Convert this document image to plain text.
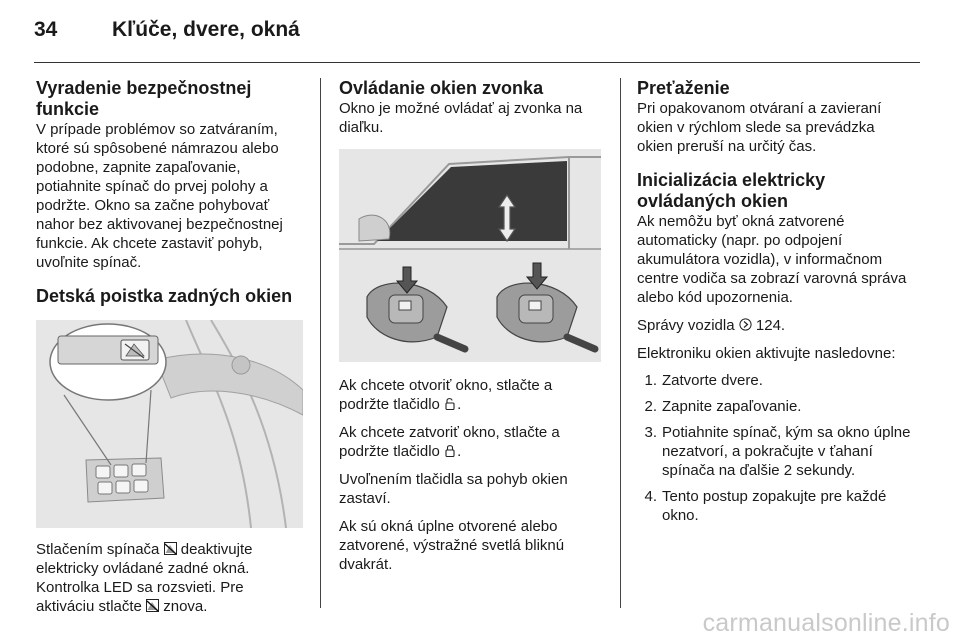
34	Kľúče, dvere, okná
Vyradenie bezpečnostnej funkcie

V prípade problémov so zatváraním, ktoré sú spôsobené námrazou alebo podobne, zapnite zapaľovanie, potiahnite spínač do prvej polohy a podržte. Okno sa začne pohybovať nahor bez aktivovanej bezpečnostnej funkcie. Ak chcete zastaviť pohyb, uvoľnite spínač.

Detská poistka zadných okien

Stlačením spínača deaktivujte elektricky ovládané zadné okná. Kontrolka LED sa rozsvieti. Pre aktiváciu stlačte znova.

Ovládanie okien zvonka

Okno je možné ovládať aj zvonka na diaľku.

Ak chcete otvoriť okno, stlačte a podržte tlačidlo .

Ak chcete zatvoriť okno, stlačte a podržte tlačidlo .

Uvoľnením tlačidla sa pohyb okien zastaví.

Ak sú okná úplne otvorené alebo zatvorené, výstražné svetlá bliknú dvakrát.

Preťaženie

Pri opakovanom otváraní a zavieraní okien v rýchlom slede sa prevádzka okien preruší na určitý čas.

Inicializácia elektricky ovládaných okien

Ak nemôžu byť okná zatvorené automaticky (napr. po odpojení akumulátora vozidla), v informačnom centre vodiča sa zobrazí varovná správa alebo kód upozornenia.

Správy vozidla 124.

Elektroniku okien aktivujte nasledovne:

1. Zatvorte dvere.
2. Zapnite zapaľovanie.
3. Potiahnite spínač, kým sa okno úplne nezatvorí, a pokračujte v ťahaní spínača na ďalšie 2 sekundy.
4. Tento postup zopakujte pre každé okno.
carmanualsonline.info
